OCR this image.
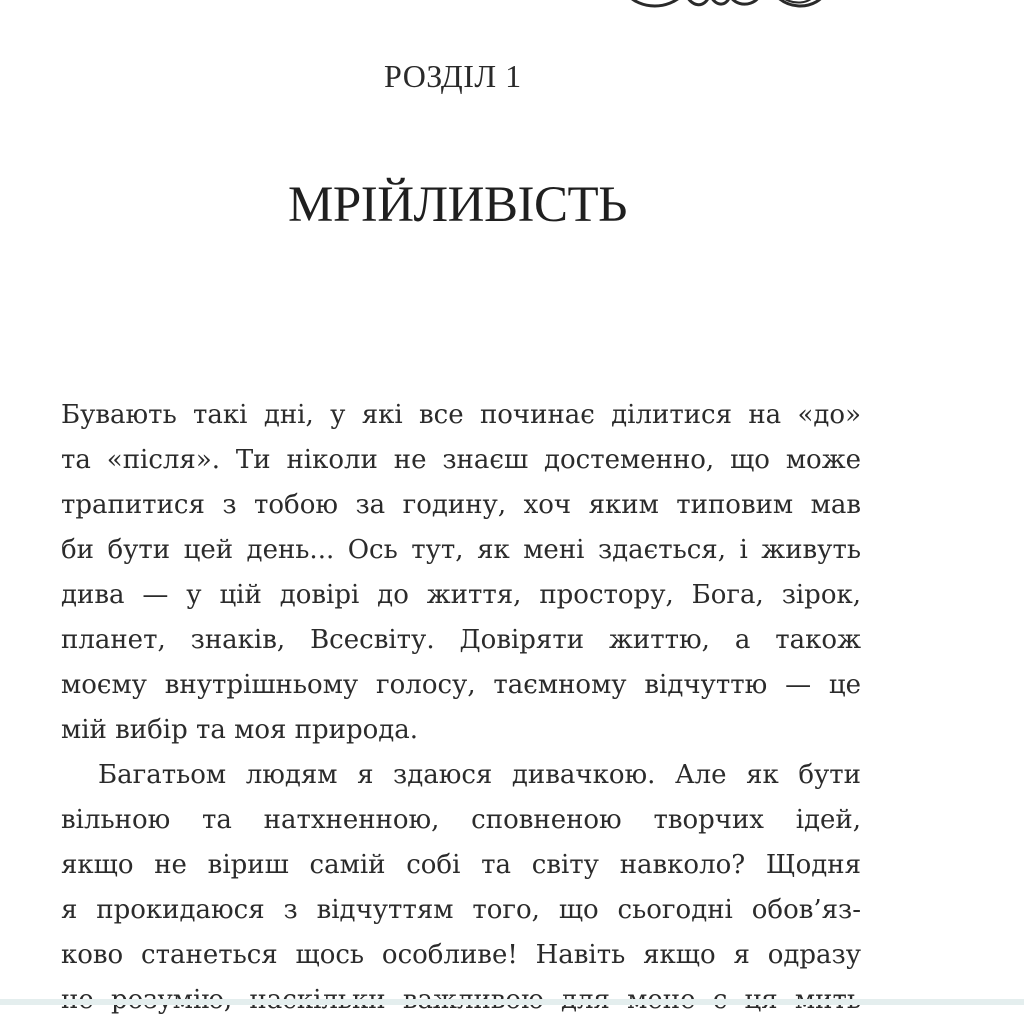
РОЗДІЛ 1
МРІЙЛИВІСТЬ
Бувають такі дні, у які все починає ділитися на «до»
та «після». Ти ніколи не знаєш достеменно, що може
трапитися з тобою за годину, хоч яким типовим мав
би бути цей день... Ось тут, як мені здається, і живуть
дива — у цій довірі до життя, простору, Бога, зірок,
планет, знаків, Всесвіту. Довіряти життю, а також
моєму внутрішньому голосу, таємному відчуттю — це
мій вибір та моя природа.
Багатьом людям я здаюся дивачкою. Але як бути
вільною та натхненною, сповненою творчих ідей,
якщо не віриш самій собі та світу навколо? Щодня
я прокидаюся з відчуттям того, що сьогодні обов’яз-
ково станеться щось особливе! Навіть якщо я одразу
